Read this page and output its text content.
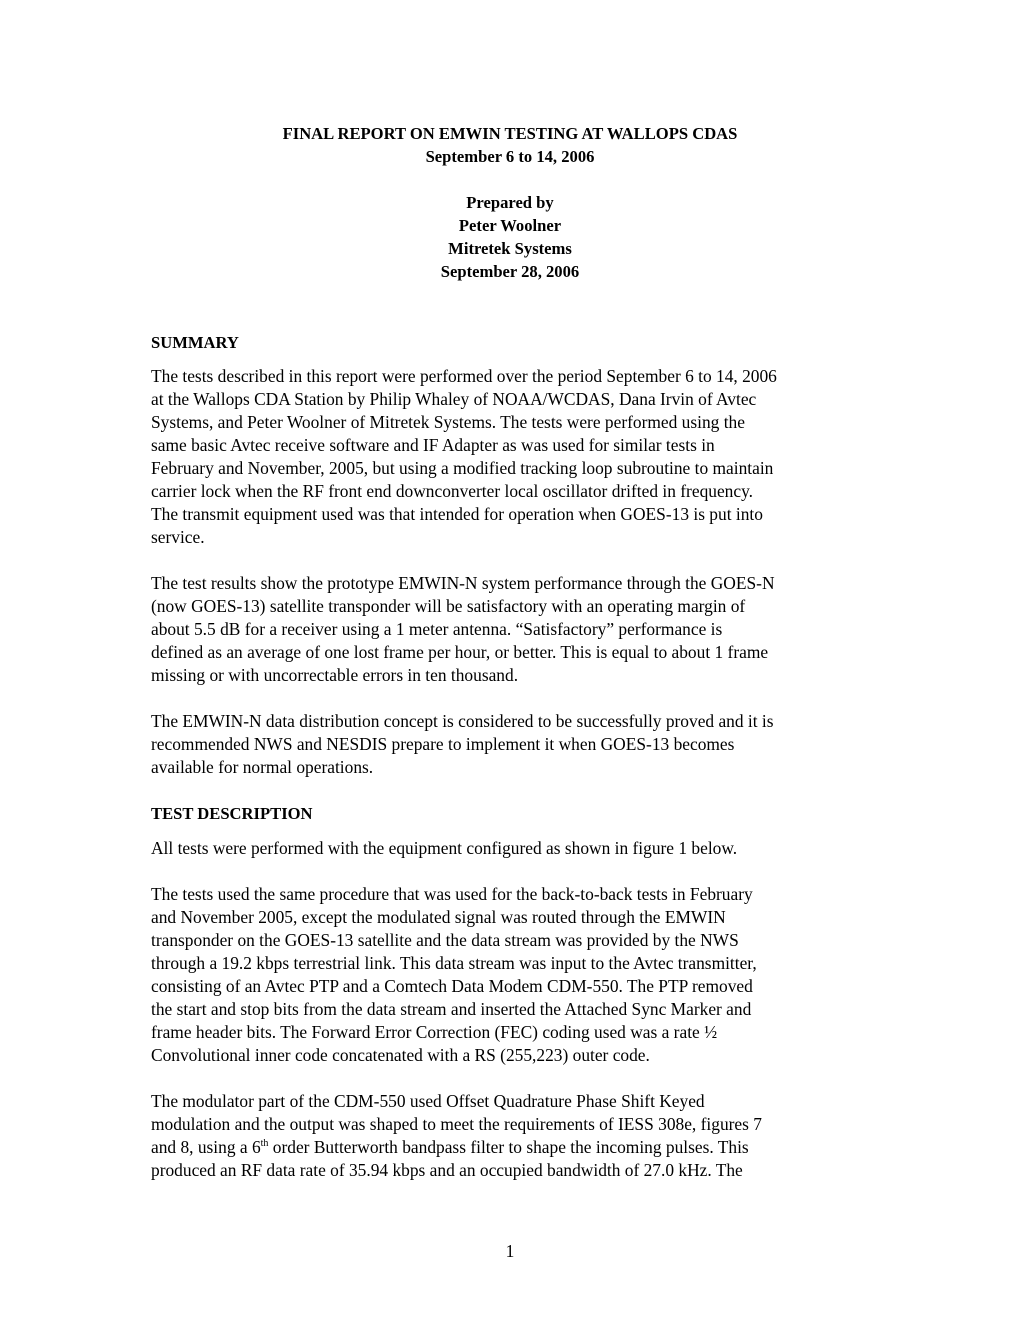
FINAL REPORT ON EMWIN TESTING AT WALLOPS CDAS
September 6 to 14, 2006
Prepared by
Peter Woolner
Mitretek Systems
September 28, 2006
SUMMARY
The tests described in this report were performed over the period September 6 to 14, 2006
at the Wallops CDA Station by Philip Whaley of NOAA/WCDAS, Dana Irvin of Avtec
Systems, and Peter Woolner of Mitretek Systems. The tests were performed using the
same basic Avtec receive software and IF Adapter as was used for similar tests in
February and November, 2005, but using a modified tracking loop subroutine to maintain
carrier lock when the RF front end downconverter local oscillator drifted in frequency.
The transmit equipment used was that intended for operation when GOES-13 is put into
service.
The test results show the prototype EMWIN-N system performance through the GOES-N
(now GOES-13) satellite transponder will be satisfactory with an operating margin of
about 5.5 dB for a receiver using a 1 meter antenna. “Satisfactory” performance is
defined as an average of one lost frame per hour, or better. This is equal to about 1 frame
missing or with uncorrectable errors in ten thousand.
The EMWIN-N data distribution concept is considered to be successfully proved and it is
recommended NWS and NESDIS prepare to implement it when GOES-13 becomes
available for normal operations.
TEST DESCRIPTION
All tests were performed with the equipment configured as shown in figure 1 below.
The tests used the same procedure that was used for the back-to-back tests in February
and November 2005, except the modulated signal was routed through the EMWIN
transponder on the GOES-13 satellite and the data stream was provided by the NWS
through a 19.2 kbps terrestrial link. This data stream was input to the Avtec transmitter,
consisting of an Avtec PTP and a Comtech Data Modem CDM-550. The PTP removed
the start and stop bits from the data stream and inserted the Attached Sync Marker and
frame header bits. The Forward Error Correction (FEC) coding used was a rate ½
Convolutional inner code concatenated with a RS (255,223) outer code.
The modulator part of the CDM-550 used Offset Quadrature Phase Shift Keyed
modulation and the output was shaped to meet the requirements of IESS 308e, figures 7
and 8, using a 6th order Butterworth bandpass filter to shape the incoming pulses. This
produced an RF data rate of 35.94 kbps and an occupied bandwidth of 27.0 kHz. The
1
